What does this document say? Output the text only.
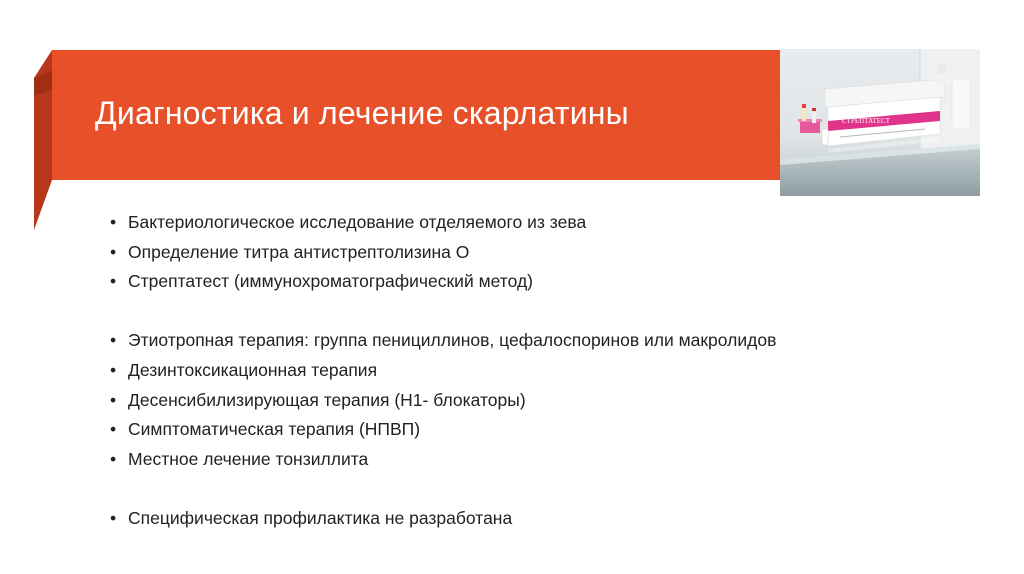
Диагностика и лечение скарлатины	СТРЕПТАТЕСТ
• Бактериологическое исследование отделяемого из зева
• Определение титра антистрептолизина О
• Стрептатест (иммунохроматографический метод)
• Этиотропная терапия: группа пенициллинов, цефалоспоринов или макролидов
• Дезинтоксикационная терапия
• Десенсибилизирующая терапия (Н1- блокаторы)
• Симптоматическая терапия (НПВП)
• Местное лечение тонзиллита
• Специфическая профилактика не разработана
